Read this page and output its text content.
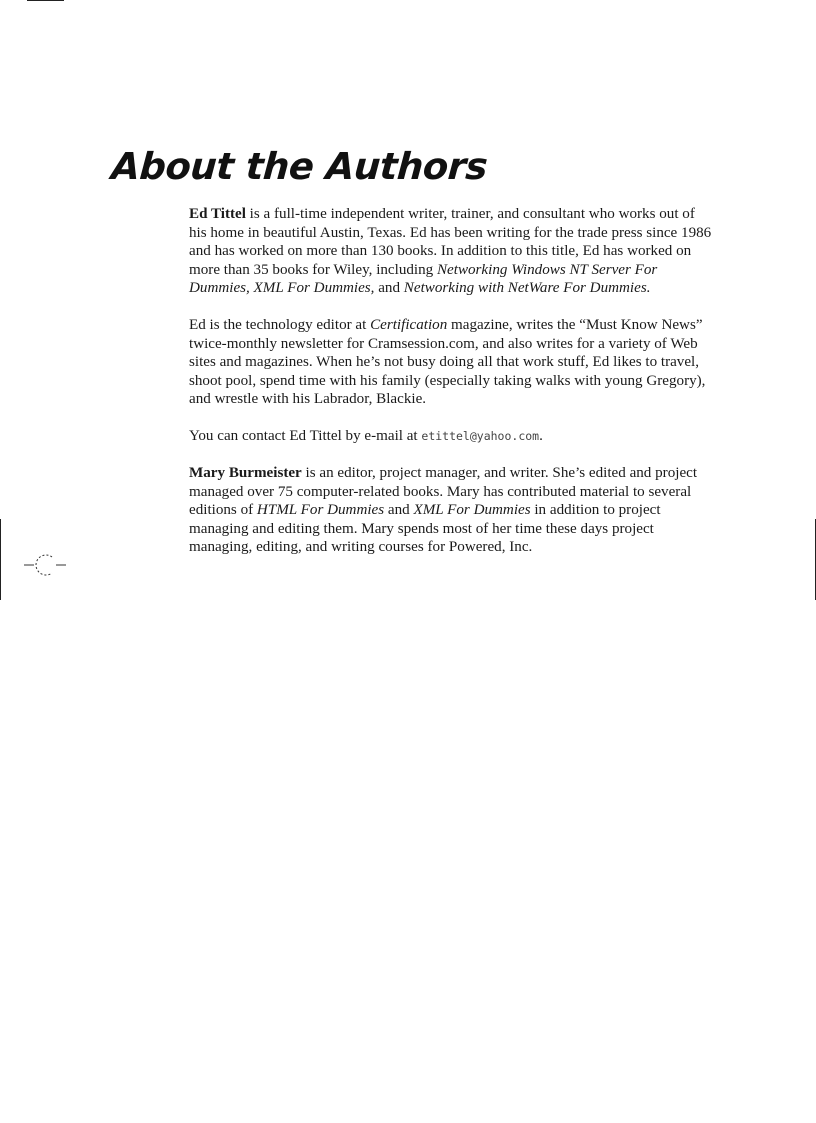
About the Authors

Ed Tittel is a full-time independent writer, trainer, and consultant who works out of his home in beautiful Austin, Texas. Ed has been writing for the trade press since 1986 and has worked on more than 130 books. In addition to this title, Ed has worked on more than 35 books for Wiley, including Networking Windows NT Server For Dummies, XML For Dummies, and Networking with NetWare For Dummies.

Ed is the technology editor at Certification magazine, writes the “Must Know News” twice-monthly newsletter for Cramsession.com, and also writes for a variety of Web sites and magazines. When he’s not busy doing all that work stuff, Ed likes to travel, shoot pool, spend time with his family (especially taking walks with young Gregory), and wrestle with his Labrador, Blackie.

You can contact Ed Tittel by e-mail at etittel@yahoo.com.

Mary Burmeister is an editor, project manager, and writer. She’s edited and project managed over 75 computer-related books. Mary has contributed material to several editions of HTML For Dummies and XML For Dummies in addition to project managing and editing them. Mary spends most of her time these days project managing, editing, and writing courses for Powered, Inc.
